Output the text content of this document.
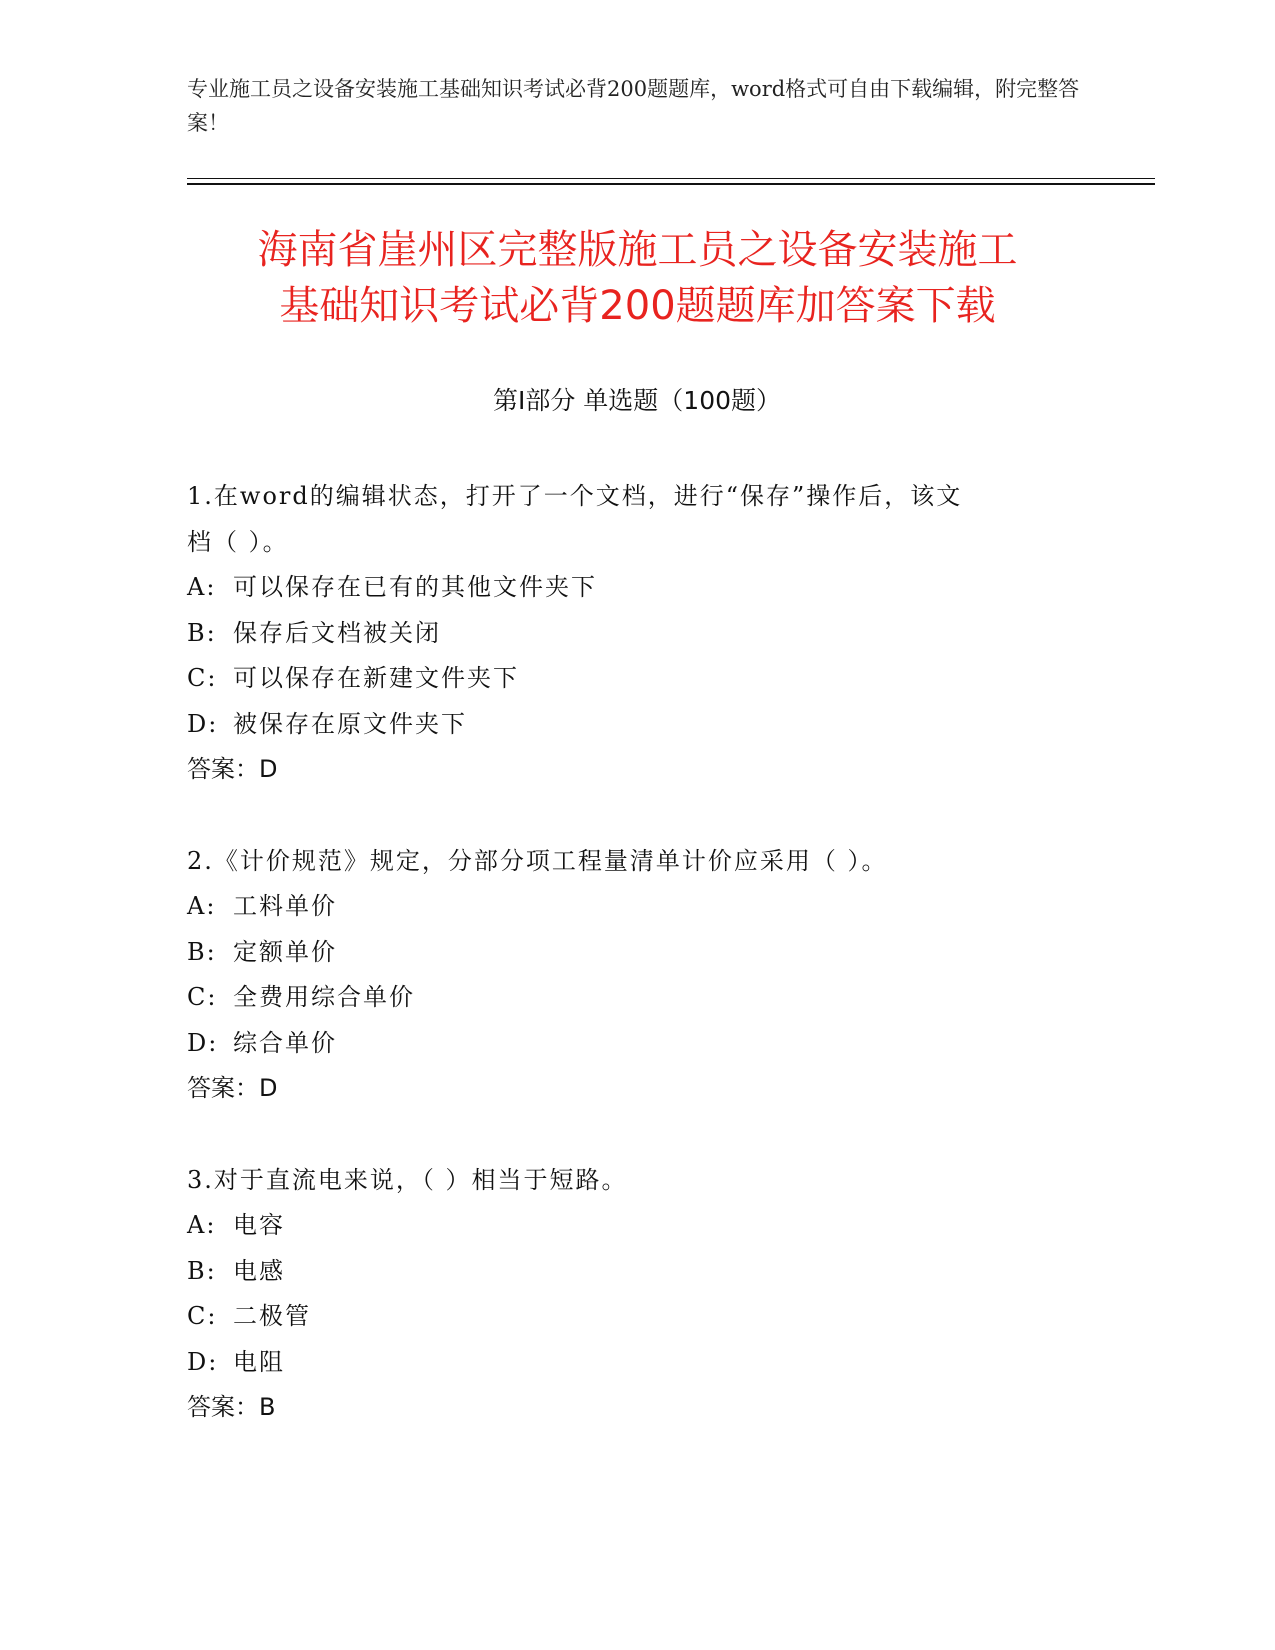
专业施工员之设备安装施工基础知识考试必背200题题库，word格式可自由下载编辑，附完整答案！
海南省崖州区完整版施工员之设备安装施工
基础知识考试必背200题题库加答案下载
第Ⅰ部分 单选题（100题）
1.在word的编辑状态，打开了一个文档，进行“保存”操作后，该文
档（ ）。
A: 可以保存在已有的其他文件夹下
B: 保存后文档被关闭
C: 可以保存在新建文件夹下
D: 被保存在原文件夹下
答案：D
2.《计价规范》规定，分部分项工程量清单计价应采用（ ）。
A: 工料单价
B: 定额单价
C: 全费用综合单价
D: 综合单价
答案：D
3.对于直流电来说，（ ）相当于短路。
A: 电容
B: 电感
C: 二极管
D: 电阻
答案：B
